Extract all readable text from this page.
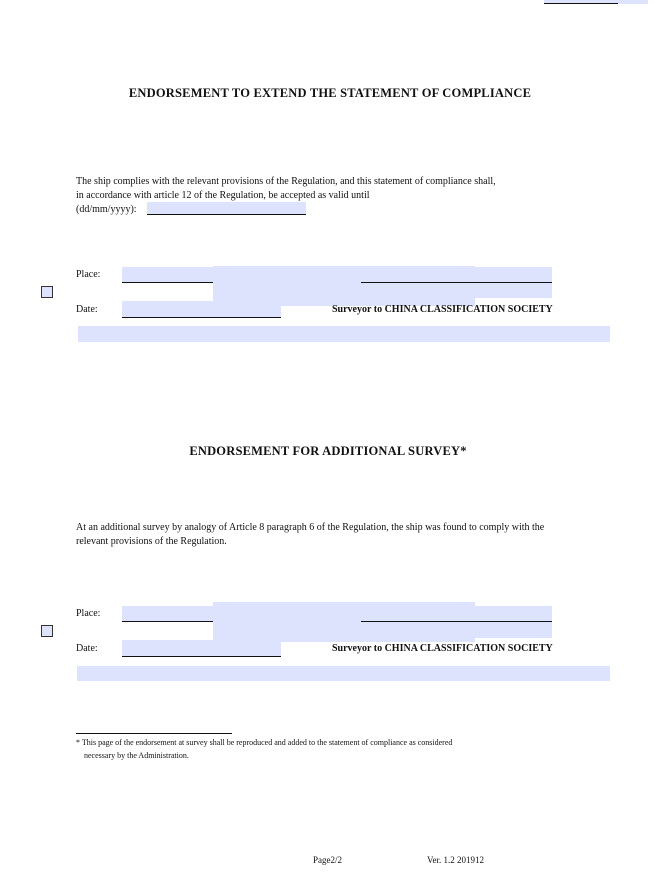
ENDORSEMENT TO EXTEND THE STATEMENT OF COMPLIANCE
The ship complies with the relevant provisions of the Regulation, and this statement of compliance shall,
in accordance with article 12 of the Regulation, be accepted as valid until
(dd/mm/yyyy):
Place:
Date:	Surveyor to CHINA CLASSIFICATION SOCIETY
ENDORSEMENT FOR ADDITIONAL SURVEY*
At an additional survey by analogy of Article 8 paragraph 6 of the Regulation, the ship was found to comply with the
relevant provisions of the Regulation.
Place:
Date:	Surveyor to CHINA CLASSIFICATION SOCIETY
* This page of the endorsement at survey shall be reproduced and added to the statement of compliance as considered
necessary by the Administration.
Page2/2	Ver. 1.2 201912
